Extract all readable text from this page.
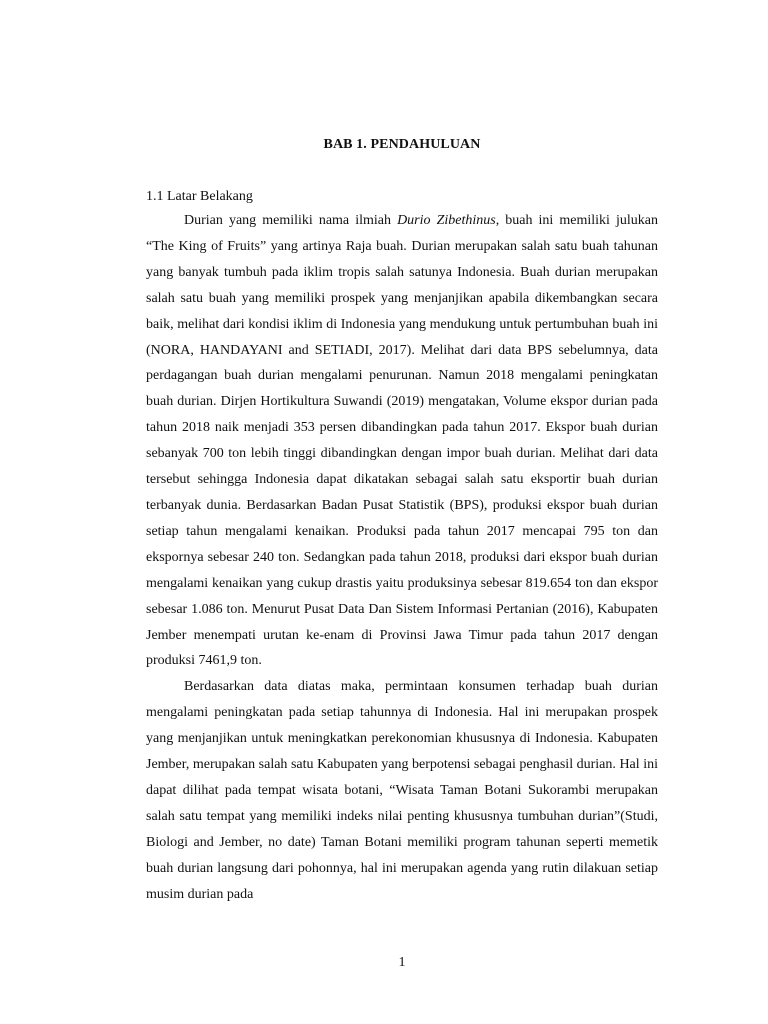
BAB 1. PENDAHULUAN
1.1 Latar Belakang

Durian yang memiliki nama ilmiah Durio Zibethinus, buah ini memiliki julukan “The King of Fruits” yang artinya Raja buah. Durian merupakan salah satu buah tahunan yang banyak tumbuh pada iklim tropis salah satunya Indonesia. Buah durian merupakan salah satu buah yang memiliki prospek yang menjanjikan apabila dikembangkan secara baik, melihat dari kondisi iklim di Indonesia yang mendukung untuk pertumbuhan buah ini (NORA, HANDAYANI and SETIADI, 2017). Melihat dari data BPS sebelumnya, data perdagangan buah durian mengalami penurunan. Namun 2018 mengalami peningkatan buah durian. Dirjen Hortikultura Suwandi (2019) mengatakan, Volume ekspor durian pada tahun 2018 naik menjadi 353 persen dibandingkan pada tahun 2017. Ekspor buah durian sebanyak 700 ton lebih tinggi dibandingkan dengan impor buah durian. Melihat dari data tersebut sehingga Indonesia dapat dikatakan sebagai salah satu eksportir buah durian terbanyak dunia. Berdasarkan Badan Pusat Statistik (BPS), produksi ekspor buah durian setiap tahun mengalami kenaikan. Produksi pada tahun 2017 mencapai 795 ton dan ekspornya sebesar 240 ton. Sedangkan pada tahun 2018, produksi dari ekspor buah durian mengalami kenaikan yang cukup drastis yaitu produksinya sebesar 819.654 ton dan ekspor sebesar 1.086 ton. Menurut Pusat Data Dan Sistem Informasi Pertanian (2016), Kabupaten Jember menempati urutan ke-enam di Provinsi Jawa Timur pada tahun 2017 dengan produksi 7461,9 ton.

Berdasarkan data diatas maka, permintaan konsumen terhadap buah durian mengalami peningkatan pada setiap tahunnya di Indonesia. Hal ini merupakan prospek yang menjanjikan untuk meningkatkan perekonomian khususnya di Indonesia. Kabupaten Jember, merupakan salah satu Kabupaten yang berpotensi sebagai penghasil durian. Hal ini dapat dilihat pada tempat wisata botani, “Wisata Taman Botani Sukorambi merupakan salah satu tempat yang memiliki indeks nilai penting khususnya tumbuhan durian”(Studi, Biologi and Jember, no date) Taman Botani memiliki program tahunan seperti memetik buah durian langsung dari pohonnya, hal ini merupakan agenda yang rutin dilakuan setiap musim durian pada

1
